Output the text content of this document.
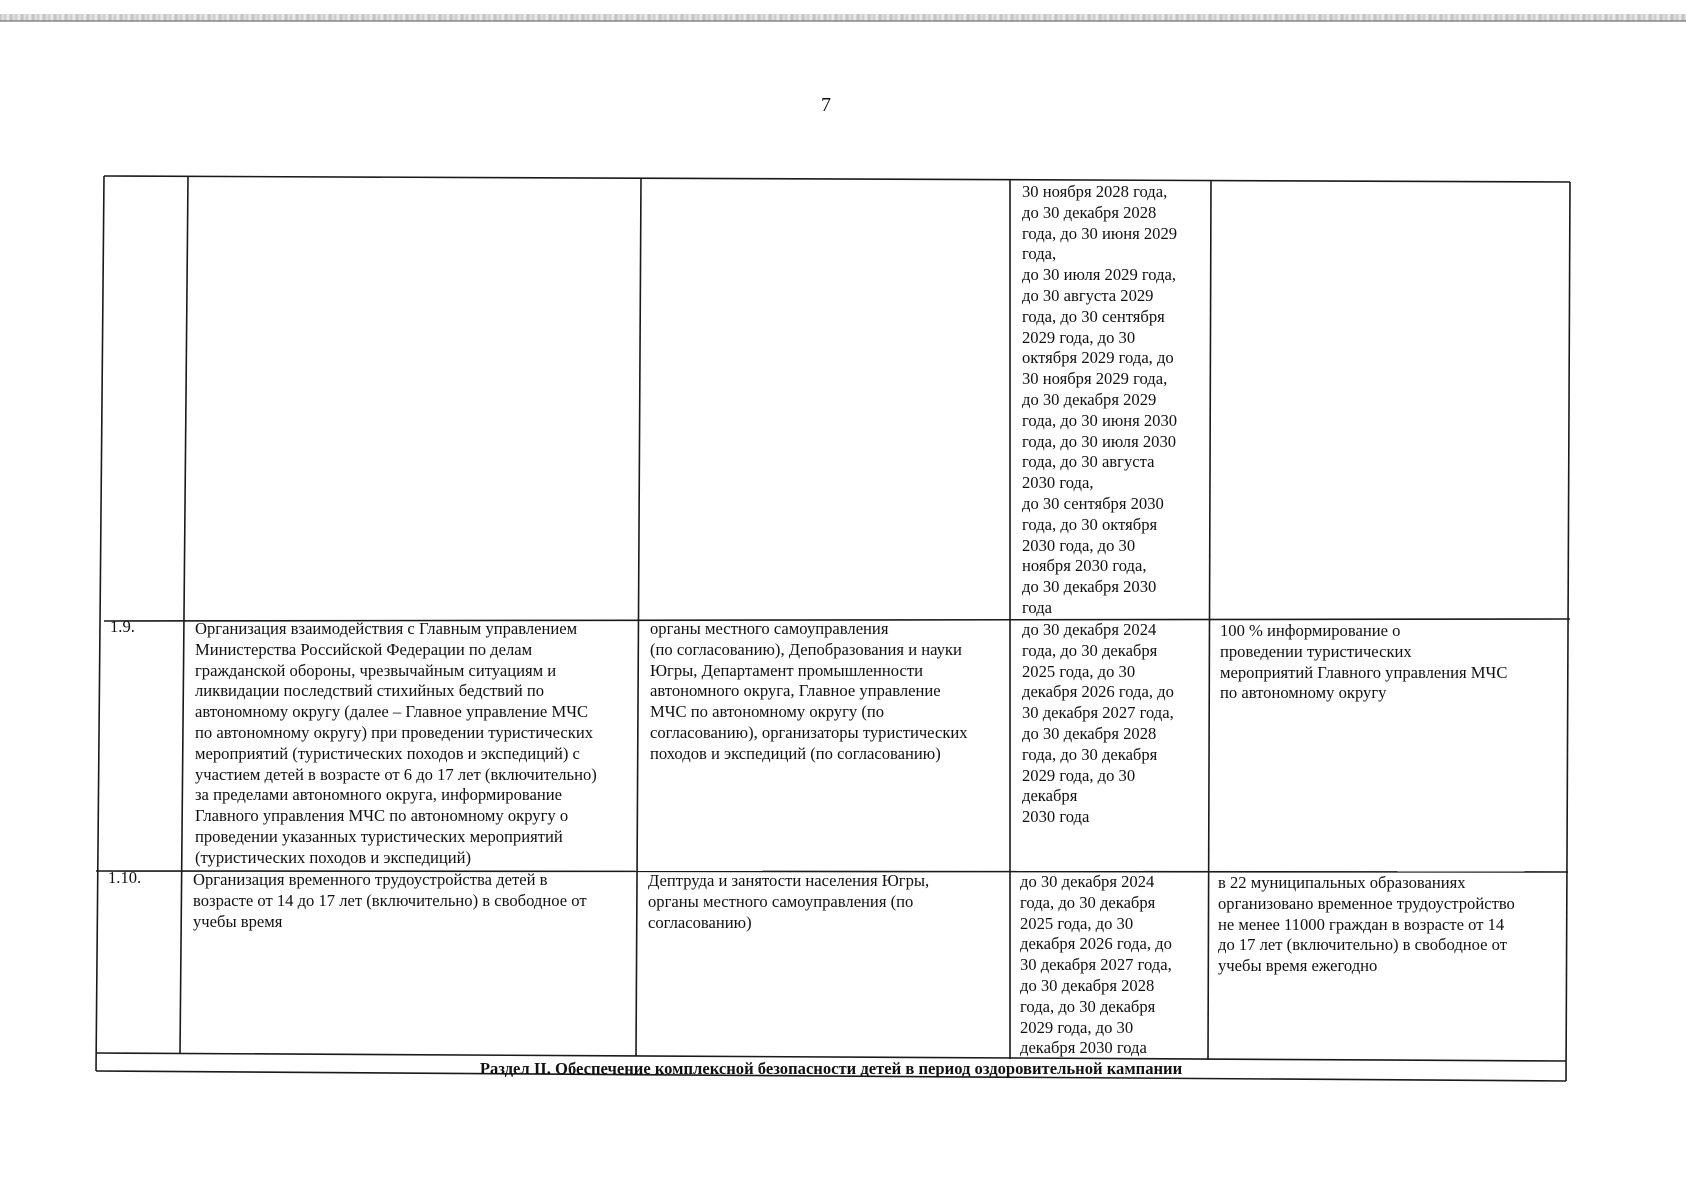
7
30 ноября 2028 года,
до 30 декабря 2028
года, до 30 июня 2029
года,
до 30 июля 2029 года,
до 30 августа 2029
года, до 30 сентября
2029 года, до 30
октября 2029 года, до
30 ноября 2029 года,
до 30 декабря 2029
года, до 30 июня 2030
года, до 30 июля 2030
года, до 30 августа
2030 года,
до 30 сентября 2030
года, до 30 октября
2030 года, до 30
ноября 2030 года,
до 30 декабря 2030
года
1.9.	Организация взаимодействия с Главным управлением
Министерства Российской Федерации по делам
гражданской обороны, чрезвычайным ситуациям и
ликвидации последствий стихийных бедствий по
автономному округу (далее – Главное управление МЧС
по автономному округу) при проведении туристических
мероприятий (туристических походов и экспедиций) с
участием детей в возрасте от 6 до 17 лет (включительно)
за пределами автономного округа, информирование
Главного управления МЧС по автономному округу о
проведении указанных туристических мероприятий
(туристических походов и экспедиций)
органы местного самоуправления
(по согласованию), Депобразования и науки
Югры, Департамент промышленности
автономного округа, Главное управление
МЧС по автономному округу (по
согласованию), организаторы туристических
походов и экспедиций (по согласованию)
до 30 декабря 2024
года, до 30 декабря
2025 года, до 30
декабря 2026 года, до
30 декабря 2027 года,
до 30 декабря 2028
года, до 30 декабря
2029 года, до 30
декабря
2030 года
100 % информирование о
проведении туристических
мероприятий Главного управления МЧС
по автономному округу
1.10.	Организация временного трудоустройства детей в
возрасте от 14 до 17 лет (включительно) в свободное от
учебы время
Дептруда и занятости населения Югры,
органы местного самоуправления (по
согласованию)
до 30 декабря 2024
года, до 30 декабря
2025 года, до 30
декабря 2026 года, до
30 декабря 2027 года,
до 30 декабря 2028
года, до 30 декабря
2029 года, до 30
декабря 2030 года
в 22 муниципальных образованиях
организовано временное трудоустройство
не менее 11000 граждан в возрасте от 14
до 17 лет (включительно) в свободное от
учебы время ежегодно
Раздел II. Обеспечение комплексной безопасности детей в период оздоровительной кампании
